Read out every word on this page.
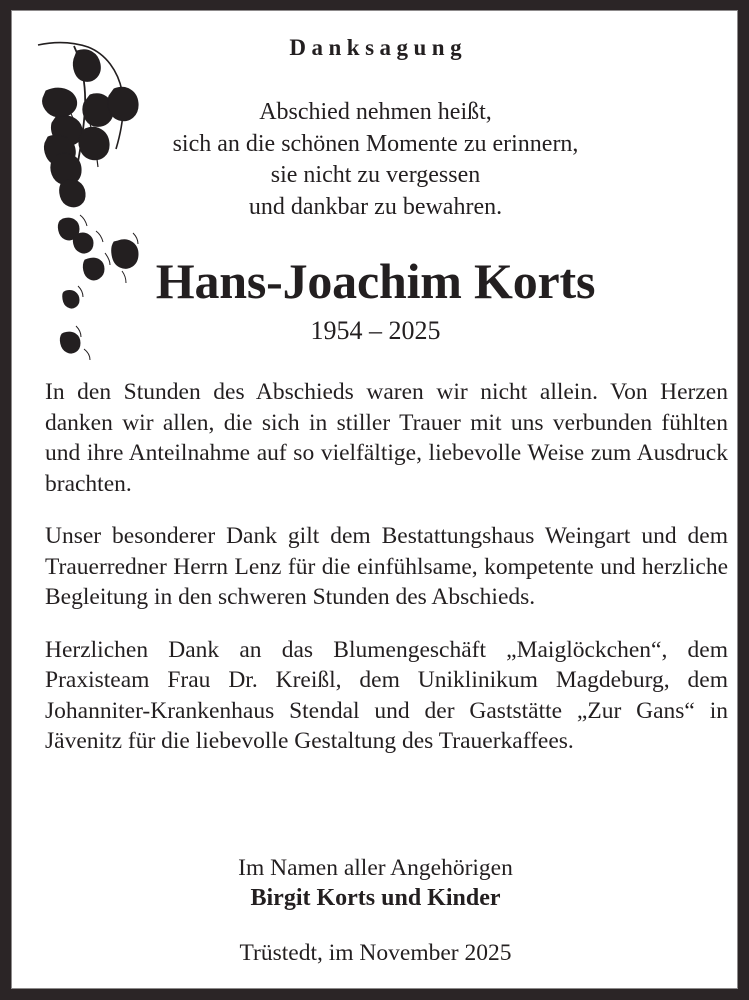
Danksagung
Abschied nehmen heißt,
sich an die schönen Momente zu erinnern,
sie nicht zu vergessen
und dankbar zu bewahren.
Hans-Joachim Korts
1954 – 2025

In den Stunden des Abschieds waren wir nicht allein. Von Herzen danken wir allen, die sich in stiller Trauer mit uns verbunden fühlten und ihre Anteilnahme auf so vielfältige, liebevolle Weise zum Ausdruck brachten.

Unser besonderer Dank gilt dem Bestattungshaus Weingart und dem Trauerredner Herrn Lenz für die einfühlsame, kompetente und herzliche Begleitung in den schweren Stunden des Abschieds.

Herzlichen Dank an das Blumengeschäft „Maiglöckchen“, dem Praxisteam Frau Dr. Kreißl, dem Uniklinikum Magdeburg, dem Johanniter-Krankenhaus Stendal und der Gaststätte „Zur Gans“ in Jävenitz für die liebevolle Gestaltung des Trauerkaffees.

Im Namen aller Angehörigen
Birgit Korts und Kinder
Trüstedt, im November 2025
